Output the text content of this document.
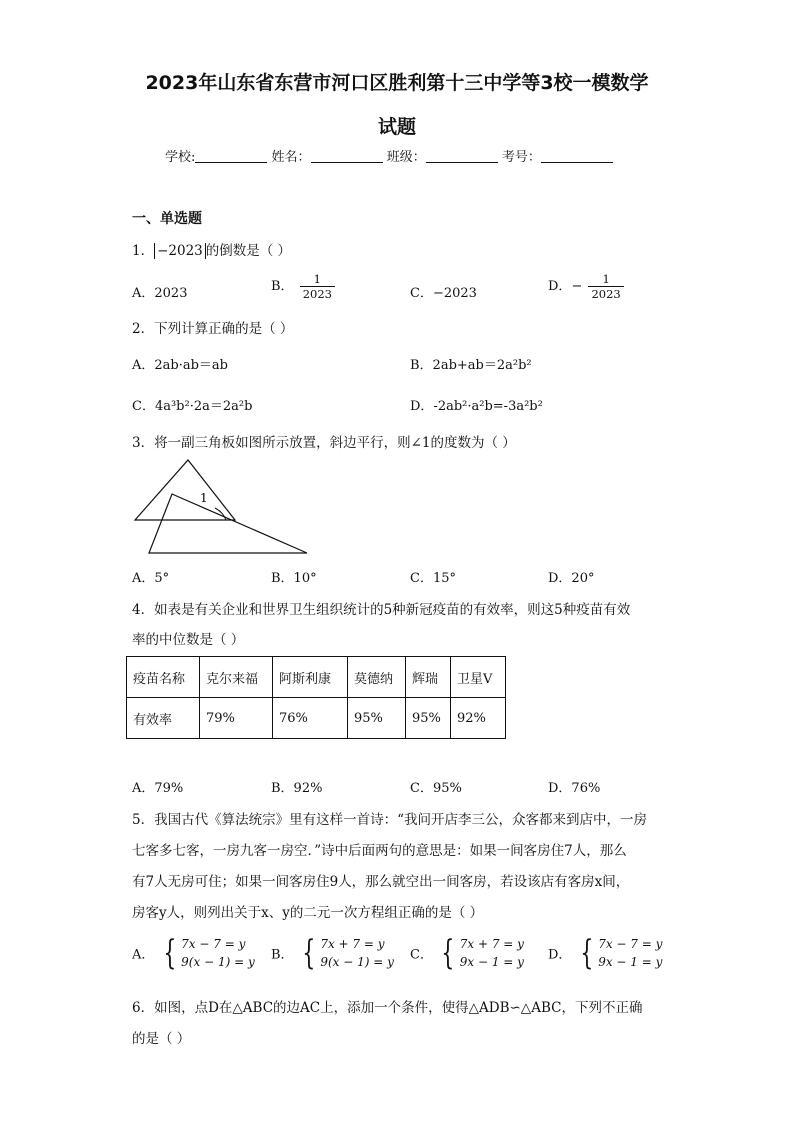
2023年山东省东营市河口区胜利第十三中学等3校一模数学
试题
学校:	姓名：	班级：	考号：
一、单选题
1． −2023 的倒数是（ ）
A．2023	B． $\frac{1}{2023}$	C．−2023	D．− $\frac{1}{2023}$
2．下列计算正确的是（ ）
A．2ab·ab＝ab	B．2ab+ab＝2a²b²
C．4a³b²·2a＝2a²b	D．-2ab²·a²b=-3a²b²
3．将一副三角板如图所示放置，斜边平行，则∠1的度数为（ ）
1
A．5°	B．10°	C．15°	D．20°
4．如表是有关企业和世界卫生组织统计的5种新冠疫苗的有效率，则这5种疫苗有效
率的中位数是（ ）
疫苗名称	克尔来福	阿斯利康	莫德纳	辉瑞	卫星V
有效率	79%	76%	95%	95%	92%
A．79%	B．92%	C．95%	D．76%
5．我国古代《算法统宗》里有这样一首诗：“我问开店李三公，众客都来到店中，一房
七客多七客，一房九客一房空．”诗中后面两句的意思是：如果一间客房住7人，那么
有7人无房可住；如果一间客房住9人，那么就空出一间客房，若设该店有客房x间，
房客y人，则列出关于x、y的二元一次方程组正确的是（ ）
A． { 7x − 7 = y
9(x − 1) = y B． { 7x + 7 = y
9(x − 1) = y C． { 7x + 7 = y
9x − 1 = y D． { 7x − 7 = y
9x − 1 = y
6．如图，点D在△ABC的边AC上，添加一个条件，使得△ADB∽△ABC，下列不正确
的是（ ）
